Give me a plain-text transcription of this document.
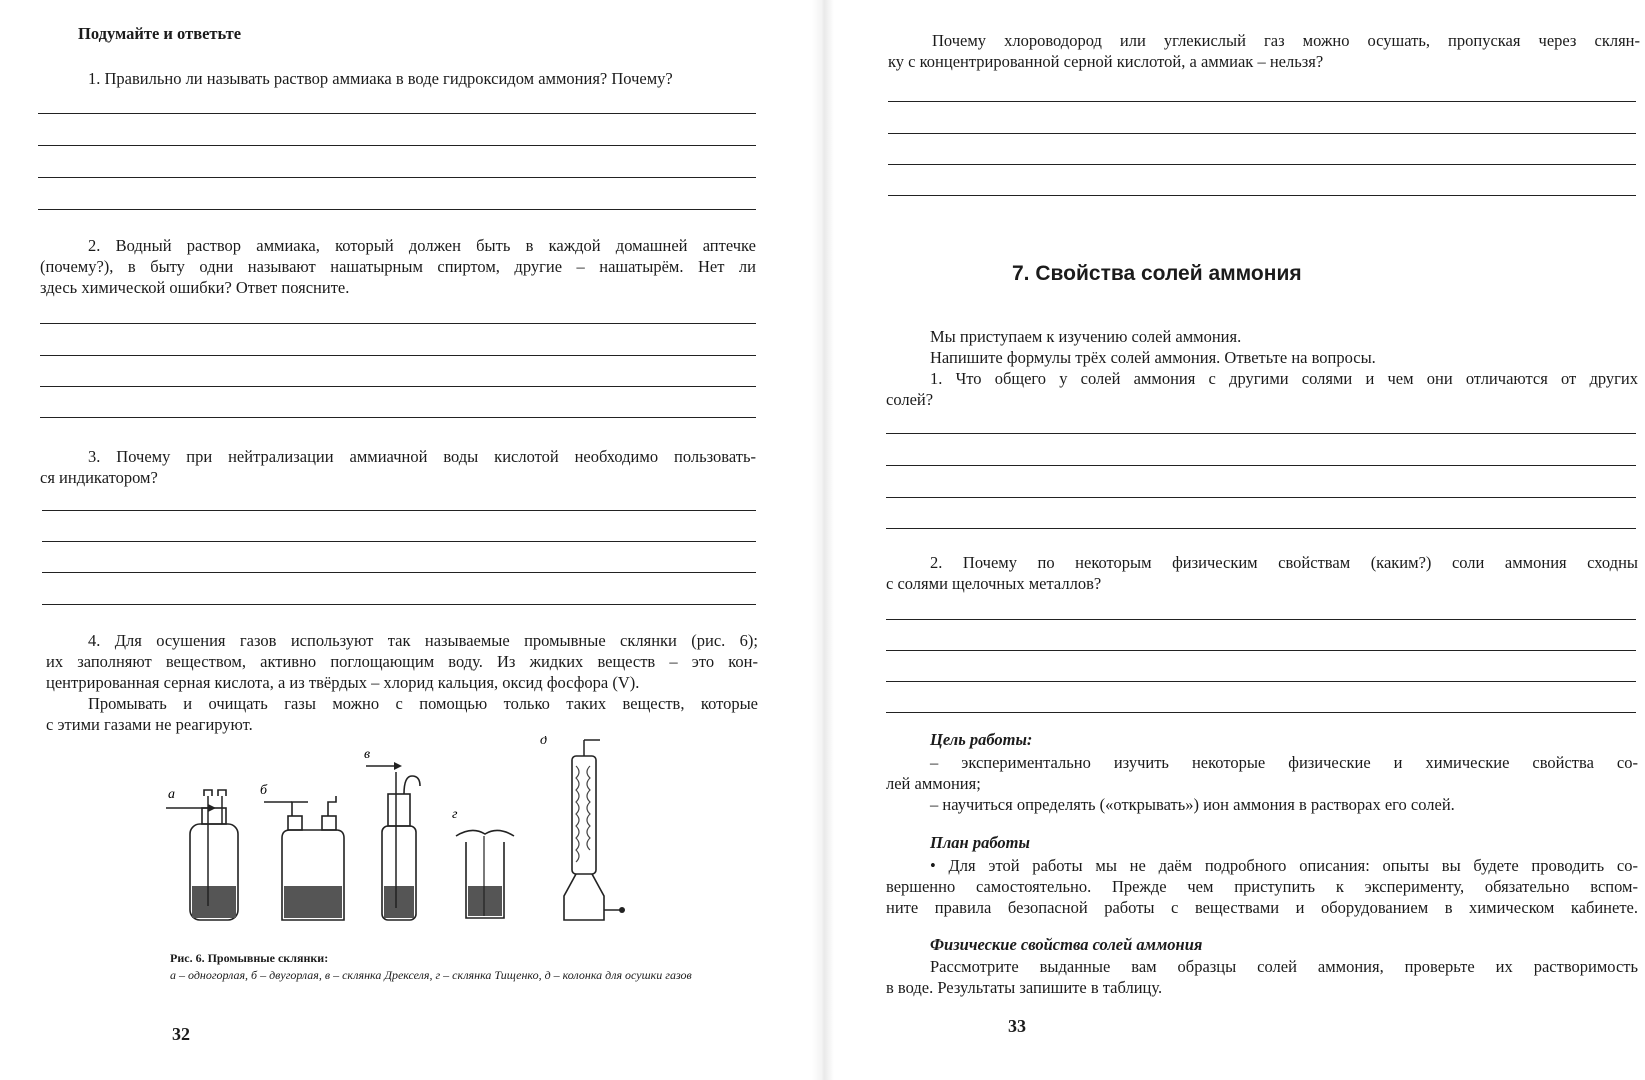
Подумайте и ответьте

1. Правильно ли называть раствор аммиака в воде гидроксидом аммония? Почему?

2. Водный раствор аммиака, который должен быть в каждой домашней аптечке
(почему?), в быту одни называют нашатырным спиртом, другие – нашатырём. Нет ли
здесь химической ошибки? Ответ поясните.

3. Почему при нейтрализации аммиачной воды кислотой необходимо пользовать-
ся индикатором?

4. Для осушения газов используют так называемые промывные склянки (рис. 6);
их заполняют веществом, активно поглощающим воду. Из жидких веществ – это кон-
центрированная серная кислота, а из твёрдых – хлорид кальция, оксид фосфора (V).
Промывать и очищать газы можно с помощью только таких веществ, которые
с этими газами не реагируют.

а	б
в
г
д
Рис. 6. Промывные склянки:
а – одногорлая, б – двугорлая, в – склянка Дрекселя, г – склянка Тищенко, д – колонка для осушки газов
32

Почему хлороводород или углекислый газ можно осушать, пропуская через склян-
ку с концентрированной серной кислотой, а аммиак – нельзя?

7. Свойства солей аммония

Мы приступаем к изучению солей аммония.
Напишите формулы трёх солей аммония. Ответьте на вопросы.

1. Что общего у солей аммония с другими солями и чем они отличаются от других
солей?

2. Почему по некоторым физическим свойствам (каким?) соли аммония сходны
с солями щелочных металлов?

Цель работы:

– экспериментально изучить некоторые физические и химические свойства со-
лей аммония;
– научиться определять («открывать») ион аммония в растворах его солей.

План работы

• Для этой работы мы не даём подробного описания: опыты вы будете проводить со-
вершенно самостоятельно. Прежде чем приступить к эксперименту, обязательно вспом-
ните правила безопасной работы с веществами и оборудованием в химическом кабинете.

Физические свойства солей аммония

Рассмотрите выданные вам образцы солей аммония, проверьте их растворимость
в воде. Результаты запишите в таблицу.

33
